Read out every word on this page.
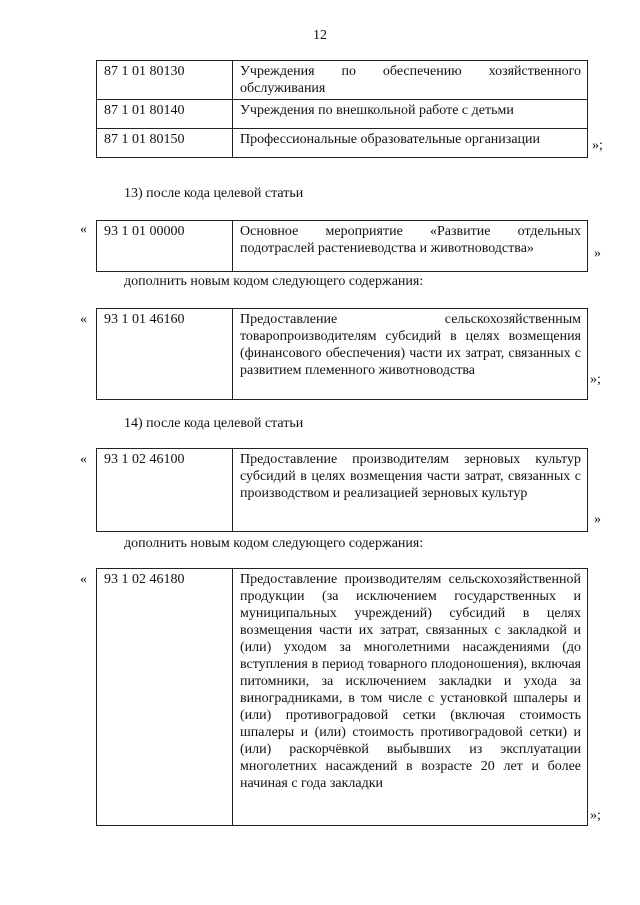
12
87 1 01 80130	Учреждения по обеспечению хозяйственного обслуживания
87 1 01 80140	Учреждения по внешкольной работе с детьми
87 1 01 80150	Профессиональные образовательные организации	»;
13) после кода целевой статьи
« 93 1 01 00000	Основное мероприятие «Развитие отдельных подотраслей растениеводства и животноводства»	»
дополнить новым кодом следующего содержания:
« 93 1 01 46160	Предоставление сельскохозяйственным товаропроизводителям субсидий в целях возмещения (финансового обеспечения) части их затрат, связанных с развитием племенного животноводства
»;
14) после кода целевой статьи
« 93 1 02 46100	Предоставление производителям зерновых культур субсидий в целях возмещения части затрат, связанных с производством и реализацией зерновых культур
»
дополнить новым кодом следующего содержания:
« 93 1 02 46180	Предоставление производителям сельскохозяйственной продукции (за исключением государственных и муниципальных учреждений) субсидий в целях возмещения части их затрат, связанных с закладкой и (или) уходом за многолетними насаждениями (до вступления в период товарного плодоношения), включая питомники, за исключением закладки и ухода за виноградниками, в том числе с установкой шпалеры и (или) противоградовой сетки (включая стоимость шпалеры и (или) стоимость противоградовой сетки) и (или) раскорчёвкой выбывших из эксплуатации многолетних насаждений в возрасте 20 лет и более начиная с года закладки
»;
